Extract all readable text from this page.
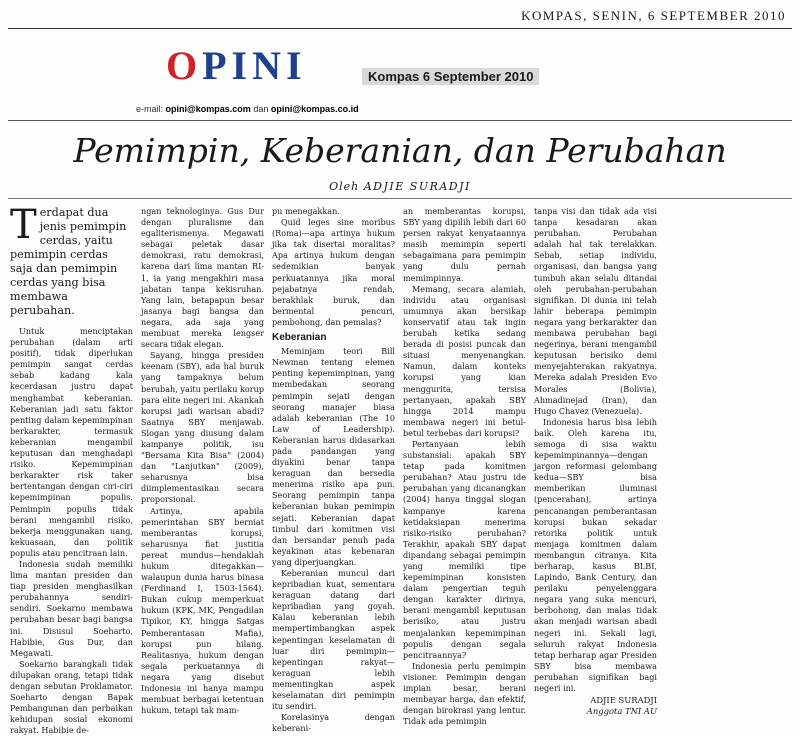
KOMPAS, SENIN, 6 SEPTEMBER 2010
OPINI	Kompas 6 September 2010
e-mail: opini@kompas.com dan opini@kompas.co.id
Pemimpin, Keberanian, dan Perubahan
Oleh ADJIE SURADJI

Terdapat dua jenis pemimpin cerdas, yaitu pemimpin cerdas saja dan pemimpin cerdas yang bisa membawa perubahan.

Untuk menciptakan perubahan (dalam arti positif), tidak diperlukan pemimpin sangat cerdas sebab kadang kala kecerdasan justru dapat menghambat keberanian. Keberanian jadi satu faktor penting dalam kepemimpinan berkarakter, termasuk keberanian mengambil keputusan dan menghadapi risiko. Kepemimpinan berkarakter risk taker bertentangan dengan ciri-ciri kepemimpinan populis. Pemimpin populis tidak berani mengambil risiko, bekerja menggunakan uang, kekuasaan, dan politik populis atau pencitraan lain.

Indonesia sudah memiliki lima mantan presiden dan tiap presiden menghasilkan perubahannya sendiri-sendiri. Soekarno membawa perubahan besar bagi bangsa ini. Disusul Soeharto, Habibie, Gus Dur, dan Megawati.

Soekarno barangkali tidak dilupakan orang, tetapi tidak dengan sebutan Proklamator. Soeharto dengan Bapak Pembangunan dan perbaikan kehidupan sosial ekonomi rakyat. Habibie de-

ngan teknologinya. Gus Dur dengan pluralisme dan egaliterismenya. Megawati sebagai peletak dasar demokrasi, ratu demokrasi, karena dari lima mantan RI-1, ia yang mengakhiri masa jabatan tanpa kekisruhan. Yang lain, betapapun besar jasanya bagi bangsa dan negara, ada saja yang membuat mereka lengser secara tidak elegan.

Sayang, hingga presiden keenam (SBY), ada hal buruk yang tampaknya belum berubah, yaitu perilaku korup para elite negeri ini. Akankah korupsi jadi warisan abadi? Saatnya SBY menjawab. Slogan yang diusung dalam kampanye politik, isu "Bersama Kita Bisa" (2004) dan "Lanjutkan" (2009), seharusnya bisa diimplementasikan secara proporsional.

Artinya, apabila pemerintahan SBY berniat memberantas korupsi, seharusnya fiat justitia pereat mundus—hendaklah hukum ditegakkan—walaupun dunia harus binasa (Ferdinand I, 1503-1564). Bukan cukup memperkuat hukum (KPK, MK, Pengadilan Tipikor, KY, hingga Satgas Pemberantasan Mafia), korupsi pun hilang. Realitasnya, hukum dengan segala perkuatannya di negara yang disebut Indonesia ini hanya mampu membuat berbagai ketentuan hukum, tetapi tak mam-

pu menegakkan.

Quid leges sine moribus (Roma)—apa artinya hukum jika tak disertai moralitas? Apa artinya hukum dengan sedemikian banyak perkuatannya jika moral pejabatnya rendah, berakhlak buruk, dan bermental pencuri, pembohong, dan pemalas?

Keberanian

Meminjam teori Bill Newman tentang elemen penting kepemimpinan, yang membedakan seorang pemimpin sejati dengan seorang manajer biasa adalah keberanian (The 10 Law of Leadership). Keberanian harus didasarkan pada pandangan yang diyakini benar tanpa keraguan dan bersedia menerima risiko apa pun. Seorang pemimpin tanpa keberanian bukan pemimpin sejati. Keberanian dapat timbul dari komitmen visi dan bersandar penuh pada keyakinan atas kebenaran yang diperjuangkan.

Keberanian muncul dari kepribadian kuat, sementara keraguan datang dari kepribadian yang goyah. Kalau keberanian lebih mempertimbangkan aspek kepentingan keselamatan di luar diri pemimpin—kepentingan rakyat—keraguan lebih mementingkan aspek keselamatan diri pemimpin itu sendiri.

Korelasinya dengan keberani-

an memberantas korupsi, SBY yang dipilih lebih dari 60 persen rakyat kenyataannya masih memimpin seperti sebagaimana para pemimpin yang dulu pernah memimpinnya.

Memang, secara alamiah, individu atau organisasi umumnya akan bersikap konservatif atau tak ingin berubah ketika sedang berada di posisi puncak dan situasi menyenangkan. Namun, dalam konteks korupsi yang kian menggurita, tersisa pertanyaan, apakah SBY hingga 2014 mampu membawa negeri ini betul-betul terbebas dari korupsi?

Pertanyaan lebih substansial: apakah SBY tetap pada komitmen perubahan? Atau justru ide perubahan yang dicanangkan (2004) hanya tinggal slogan kampanye karena ketidaksiapan menerima risiko-risiko perubahan? Terakhir, apakah SBY dapat dipandang sebagai pemimpin yang memiliki tipe kepemimpinan konsisten dalam pengertian teguh dengan karakter dirinya, berani mengambil keputusan berisiko, atau justru menjalankan kepemimpinan populis dengan segala pencitraannya?

Indonesia perlu pemimpin visioner. Pemimpin dengan impian besar, berani membayar harga, dan efektif, dengan birokrasi yang lentur. Tidak ada pemimpin

tanpa visi dan tidak ada visi tanpa kesadaran akan perubahan. Perubahan adalah hal tak terelakkan. Sebab, setiap individu, organisasi, dan bangsa yang tumbuh akan selalu ditandai oleh perubahan-perubahan signifikan. Di dunia ini telah lahir beberapa pemimpin negara yang berkarakter dan membawa perubahan bagi negerinya, berani mengambil keputusan berisiko demi menyejahterakan rakyatnya. Mereka adalah Presiden Evo Morales (Bolivia), Ahmadinejad (Iran), dan Hugo Chavez (Venezuela).

Indonesia harus bisa lebih baik. Oleh karena itu, semoga di sisa waktu kepemimpinannya—dengan jargon reformasi gelombang kedua—SBY bisa memberikan iluminasi (pencerahan), artinya pencanangan pemberantasan korupsi bukan sekadar retorika politik untuk menjaga komitmen dalam membangun citranya. Kita berharap, kasus BLBI, Lapindo, Bank Century, dan perilaku penyelenggara negara yang suka mencuri, berbohong, dan malas tidak akan menjadi warisan abadi negeri ini. Sekali lagi, seluruh rakyat Indonesia tetap berharap agar Presiden SBY bisa membawa perubahan signifikan bagi negeri ini.

ADJIE SURADJI
Anggota TNI AU
